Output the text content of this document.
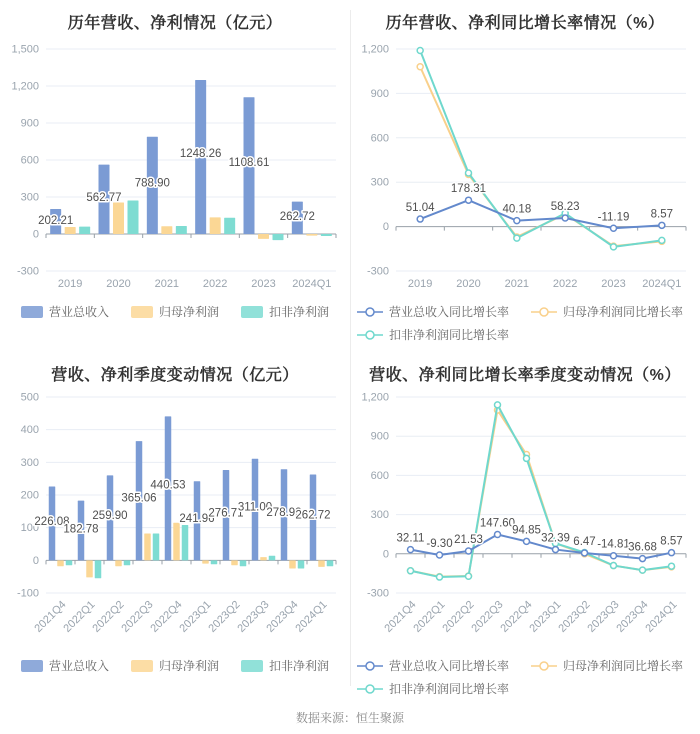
历年营收、净利情况（亿元）
1,500
1,200
900
600
300
0
-300
2019 2020 2021 2022 2023 2024Q1
202.21
562.77
788.90
1248.26
1108.61
262.72
营业总收入	归母净利润	扣非净利润
历年营收、净利同比增长率情况（%）
1,200
900
600
300
0
-300
2019 2020 2021 2022 2023 2024Q1
51.04
178.31
40.18 58.23
-11.19 8.57
营业总收入同比增长率	归母净利润同比增长率
扣非净利润同比增长率
营收、净利季度变动情况（亿元）
500
400
300
200
100
0
-100
2021Q4
2022Q1
2022Q2
2022Q3
2022Q4
2023Q1
2023Q2
2023Q3
2023Q4
2024Q1
226.08
182.78
259.90
365.06
440.53
241.96
276.71
311.00
278.92
262.72
营业总收入	归母净利润	扣非净利润
营收、净利同比增长率季度变动情况（%）
1,200
900
600
300
0
-300
2021Q4
2022Q1
2022Q2
2022Q3
2022Q4
2023Q1
2023Q2
2023Q3
2023Q4
2024Q1
32.11 -9.30 21.53
147.60
94.85
32.39 6.47 -14.81
36.68 8.57
营业总收入同比增长率	归母净利润同比增长率
扣非净利润同比增长率
数据来源：恒生聚源
